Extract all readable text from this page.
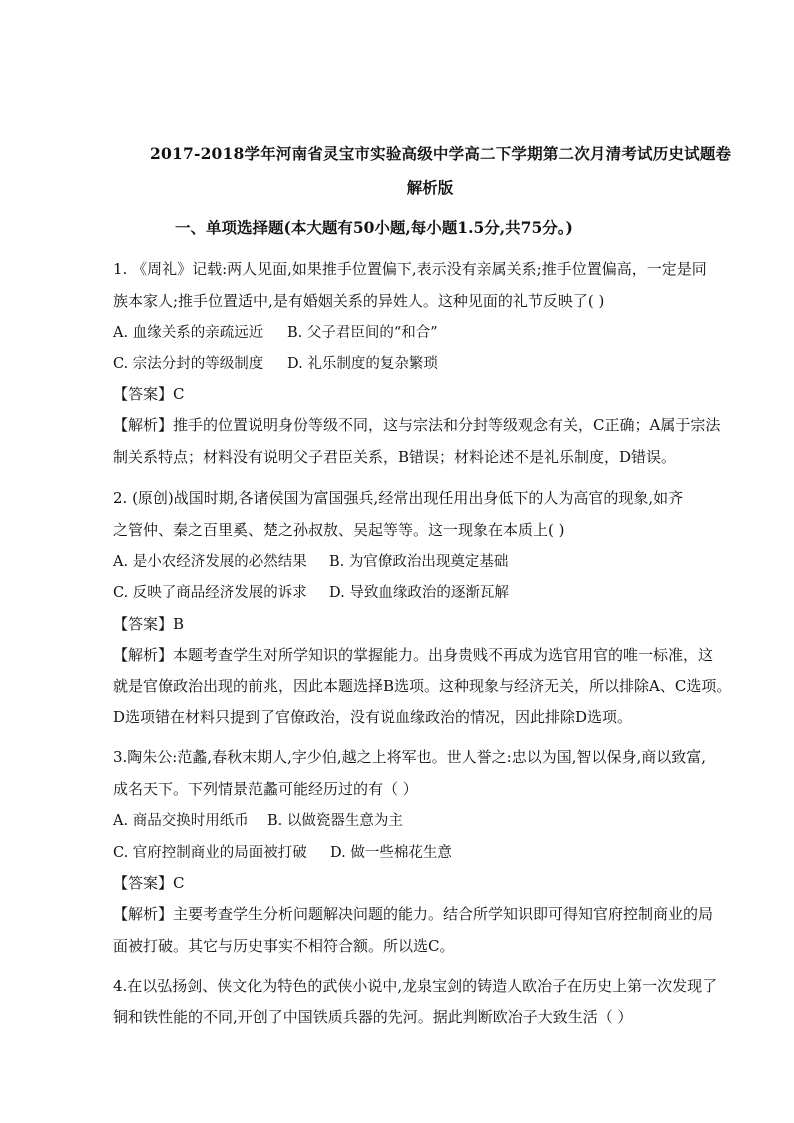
2017-2018学年河南省灵宝市实验高级中学高二下学期第二次月清考试历史试题卷
解析版
一、单项选择题(本大题有50小题,每小题1.5分,共75分。)
1. 《周礼》记载:两人见面,如果推手位置偏下,表示没有亲属关系;推手位置偏高，一定是同
族本家人;推手位置适中,是有婚姻关系的异姓人。这种见面的礼节反映了( )
A. 血缘关系的亲疏远近 B. 父子君臣间的“和合”
C. 宗法分封的等级制度 D. 礼乐制度的复杂繁琐
【答案】C
【解析】推手的位置说明身份等级不同，这与宗法和分封等级观念有关，C正确；A属于宗法
制关系特点；材料没有说明父子君臣关系，B错误；材料论述不是礼乐制度，D错误。
2. (原创)战国时期,各诸侯国为富国强兵,经常出现任用出身低下的人为高官的现象,如齐
之管仲、秦之百里奚、楚之孙叔敖、吴起等等。这一现象在本质上( )
A. 是小农经济发展的必然结果 B. 为官僚政治出现奠定基础
C. 反映了商品经济发展的诉求 D. 导致血缘政治的逐渐瓦解
【答案】B
【解析】本题考查学生对所学知识的掌握能力。出身贵贱不再成为选官用官的唯一标准，这
就是官僚政治出现的前兆，因此本题选择B选项。这种现象与经济无关，所以排除A、C选项。
D选项错在材料只提到了官僚政治，没有说血缘政治的情况，因此排除D选项。
3.陶朱公:范蠡,春秋末期人,字少伯,越之上将军也。世人誉之:忠以为国,智以保身,商以致富,
成名天下。下列情景范蠡可能经历过的有（ ）
A. 商品交换时用纸币 B. 以做瓷器生意为主
C. 官府控制商业的局面被打破 D. 做一些棉花生意
【答案】C
【解析】主要考查学生分析问题解决问题的能力。结合所学知识即可得知官府控制商业的局
面被打破。其它与历史事实不相符合额。所以选C。
4.在以弘扬剑、侠文化为特色的武侠小说中,龙泉宝剑的铸造人欧冶子在历史上第一次发现了
铜和铁性能的不同,开创了中国铁质兵器的先河。据此判断欧冶子大致生活（ ）
